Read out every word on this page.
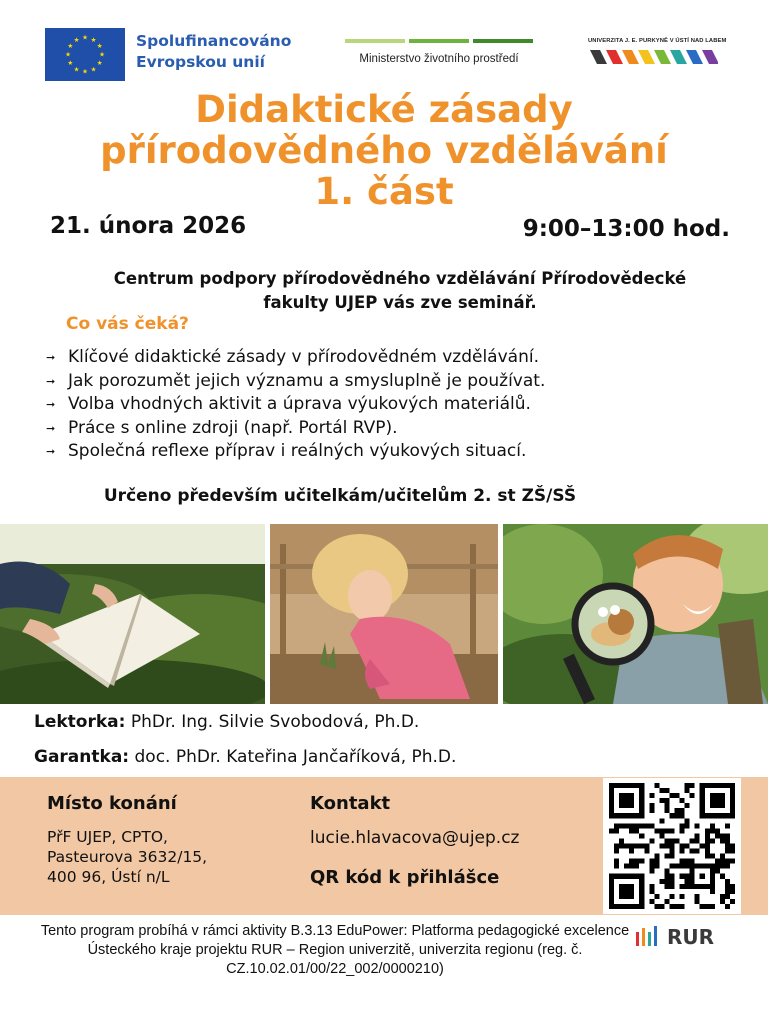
★
★
★
★
★
★
★
★
★ ★ ★
★ Spolufinancováno
Evropskou unií	Ministerstvo životního prostředí
UNIVERZITA J. E. PURKYNĚ V ÚSTÍ NAD LABEM
Didaktické zásady
přírodovědného vzdělávání
1. část
21. února 2026	9:00–13:00 hod.
Centrum podpory přírodovědného vzdělávání Přírodovědecké
fakulty UJEP vás zve seminář.
Co vás čeká?
➞ Klíčové didaktické zásady v přírodovědném vzdělávání.
➞ Jak porozumět jejich významu a smysluplně je používat.
➞ Volba vhodných aktivit a úprava výukových materiálů.
➞ Práce s online zdroji (např. Portál RVP).
➞ Společná reflexe příprav i reálných výukových situací.
Určeno především učitelkám/učitelům 2. st ZŠ/SŠ
Lektorka: PhDr. Ing. Silvie Svobodová, Ph.D.
Garantka: doc. PhDr. Kateřina Jančaříková, Ph.D.
Místo konání
PřF UJEP, CPTO,
Pasteurova 3632/15,
400 96, Ústí n/L
Kontakt
lucie.hlavacova@ujep.cz
QR kód k přihlášce
Tento program probíhá v rámci aktivity B.3.13 EduPower: Platforma pedagogické excelence Ústeckého kraje projektu RUR – Region univerzitě, univerzita regionu (reg. č. CZ.10.02.01/00/22_002/0000210)
RUR
